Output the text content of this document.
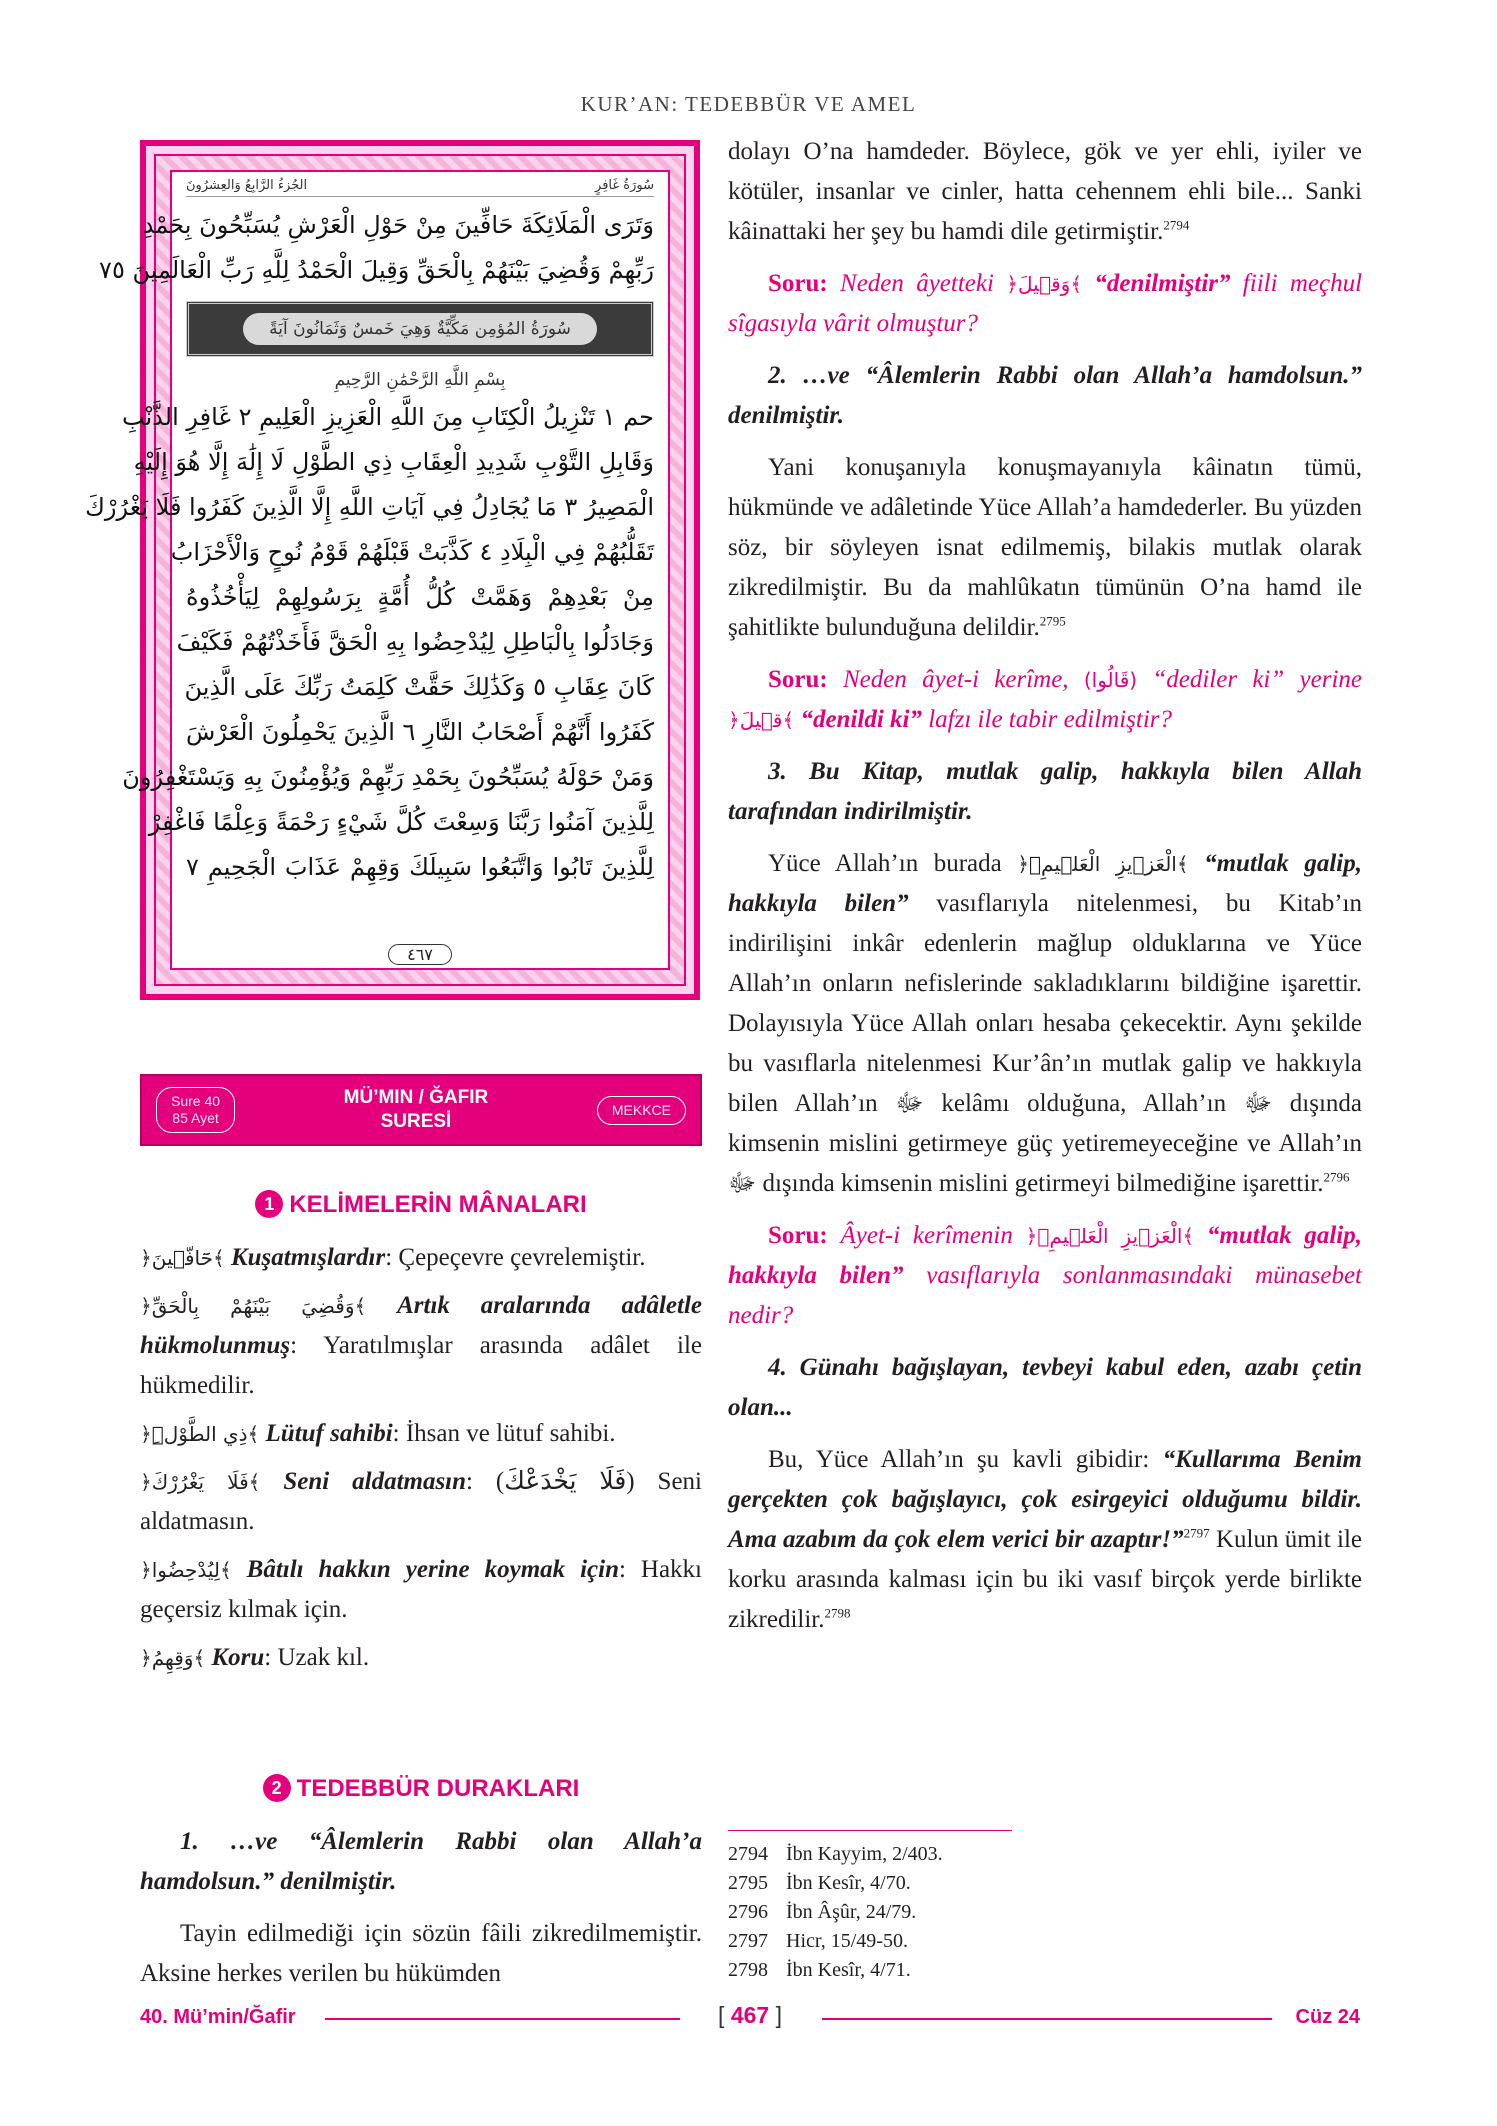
KUR’AN: TEDEBBÜR VE AMEL
سُورَةُ غَافِرٍ
الجُزءُ الرَّابِعُ وَالعِشرُونَ
وَتَرَى الْمَلَائِكَةَ حَافِّينَ مِنْ حَوْلِ الْعَرْشِ يُسَبِّحُونَ بِحَمْدِ
رَبِّهِمْ وَقُضِيَ بَيْنَهُمْ بِالْحَقِّ وَقِيلَ الْحَمْدُ لِلَّهِ رَبِّ الْعَالَمِينَ ٧٥
سُورَةُ المُؤمِن مَكِّيَّةٌ وَهِيَ خَمسٌ وَثَمَانُونَ آيَةً
بِسْمِ اللَّهِ الرَّحْمَٰنِ الرَّحِيمِ
حم ١ تَنْزِيلُ الْكِتَابِ مِنَ اللَّهِ الْعَزِيزِ الْعَلِيمِ ٢ غَافِرِ الذَّنْبِ
وَقَابِلِ التَّوْبِ شَدِيدِ الْعِقَابِ ذِي الطَّوْلِ لَا إِلَٰهَ إِلَّا هُوَ إِلَيْهِ
الْمَصِيرُ ٣ مَا يُجَادِلُ فِي آيَاتِ اللَّهِ إِلَّا الَّذِينَ كَفَرُوا فَلَا يَغْرُرْكَ
تَقَلُّبُهُمْ فِي الْبِلَادِ ٤ كَذَّبَتْ قَبْلَهُمْ قَوْمُ نُوحٍ وَالْأَحْزَابُ
مِنْ بَعْدِهِمْ وَهَمَّتْ كُلُّ أُمَّةٍ بِرَسُولِهِمْ لِيَأْخُذُوهُ
وَجَادَلُوا بِالْبَاطِلِ لِيُدْحِضُوا بِهِ الْحَقَّ فَأَخَذْتُهُمْ فَكَيْفَ
كَانَ عِقَابِ ٥ وَكَذَٰلِكَ حَقَّتْ كَلِمَتُ رَبِّكَ عَلَى الَّذِينَ
كَفَرُوا أَنَّهُمْ أَصْحَابُ النَّارِ ٦ الَّذِينَ يَحْمِلُونَ الْعَرْشَ
وَمَنْ حَوْلَهُ يُسَبِّحُونَ بِحَمْدِ رَبِّهِمْ وَيُؤْمِنُونَ بِهِ وَيَسْتَغْفِرُونَ
لِلَّذِينَ آمَنُوا رَبَّنَا وَسِعْتَ كُلَّ شَيْءٍ رَحْمَةً وَعِلْمًا فَاغْفِرْ
لِلَّذِينَ تَابُوا وَاتَّبَعُوا سَبِيلَكَ وَقِهِمْ عَذَابَ الْجَحِيمِ ٧
٤٦٧
Sure 40
85 Ayet
MÜ’MIN / ĞAFIR
SURESİ
MEKKCE
1 KELİMELERİN MÂNALARI

﴿حَٓافّ۪ينَ﴾ Kuşatmışlardır: Çepeçevre çevrelemiştir.

﴿وَقُضِيَ بَيْنَهُمْ بِالْحَقِّ﴾ Artık aralarında adâletle hükmolunmuş: Yaratılmışlar arasında adâlet ile hükmedilir.

﴿ذِي الطَّوْلِۜ﴾ Lütuf sahibi: İhsan ve lütuf sahibi.

﴿فَلَا يَغْرُرْكَ﴾ Seni aldatmasın: (فَلَا يَخْدَعْكَ) Seni aldatmasın.

﴿لِيُدْحِضُوا﴾ Bâtılı hakkın yerine koymak için: Hakkı geçersiz kılmak için.

﴿وَقِهِمُ﴾ Koru: Uzak kıl.

2 TEDEBBÜR DURAKLARI

1. …ve “Âlemlerin Rabbi olan Allah’a hamdolsun.” denilmiştir.

Tayin edilmediği için sözün fâili zikredilmemiştir. Aksine herkes verilen bu hükümden

dolayı O’na hamdeder. Böylece, gök ve yer ehli, iyiler ve kötüler, insanlar ve cinler, hatta cehennem ehli bile... Sanki kâinattaki her şey bu hamdi dile getirmiştir.$^{2794}$

Soru: Neden âyetteki ﴿وَق۪يلَ﴾ “denilmiştir” fiili meçhul sîgasıyla vârit olmuştur?

2. …ve “Âlemlerin Rabbi olan Allah’a hamdolsun.” denilmiştir.

Yani konuşanıyla konuşmayanıyla kâinatın tümü, hükmünde ve adâletinde Yüce Allah’a hamdederler. Bu yüzden söz, bir söyleyen isnat edilmemiş, bilakis mutlak olarak zikredilmiştir. Bu da mahlûkatın tümünün O’na hamd ile şahitlikte bulunduğuna delildir.$^{2795}$

Soru: Neden âyet-i kerîme, (قَالُوا) “dediler ki” yerine ﴿ق۪يلَ﴾ “denildi ki” lafzı ile tabir edilmiştir?

3. Bu Kitap, mutlak galip, hakkıyla bilen Allah tarafından indirilmiştir.

Yüce Allah’ın burada ﴿الْعَز۪يزِ الْعَل۪يمِۙ﴾ “mutlak galip, hakkıyla bilen” vasıflarıyla nitelenmesi, bu Kitab’ın indirilişini inkâr edenlerin mağlup olduklarına ve Yüce Allah’ın onların nefislerinde sakladıklarını bildiğine işarettir. Dolayısıyla Yüce Allah onları hesaba çekecektir. Aynı şekilde bu vasıflarla nitelenmesi Kur’ân’ın mutlak galip ve hakkıyla bilen Allah’ın ﷻ kelâmı olduğuna, Allah’ın ﷻ dışında kimsenin mislini getirmeye güç yetiremeyeceğine ve Allah’ın ﷻ dışında kimsenin mislini getirmeyi bilmediğine işarettir.$^{2796}$

Soru: Âyet-i kerîmenin ﴿الْعَز۪يزِ الْعَل۪يمِۙ﴾ “mutlak galip, hakkıyla bilen” vasıflarıyla sonlanmasındaki münasebet nedir?

4. Günahı bağışlayan, tevbeyi kabul eden, azabı çetin olan...

Bu, Yüce Allah’ın şu kavli gibidir: “Kullarıma Benim gerçekten çok bağışlayıcı, çok esirgeyici olduğumu bildir. Ama azabım da çok elem verici bir azaptır!”$^{2797}$ Kulun ümit ile korku arasında kalması için bu iki vasıf birçok yerde birlikte zikredilir.$^{2798}$

2794 İbn Kayyim, 2/403.
2795 İbn Kesîr, 4/70.
2796 İbn Âşûr, 24/79.
2797 Hicr, 15/49-50.
2798 İbn Kesîr, 4/71.
40. Mü’min/Ğafir	[ 467 ]	Cüz 24
